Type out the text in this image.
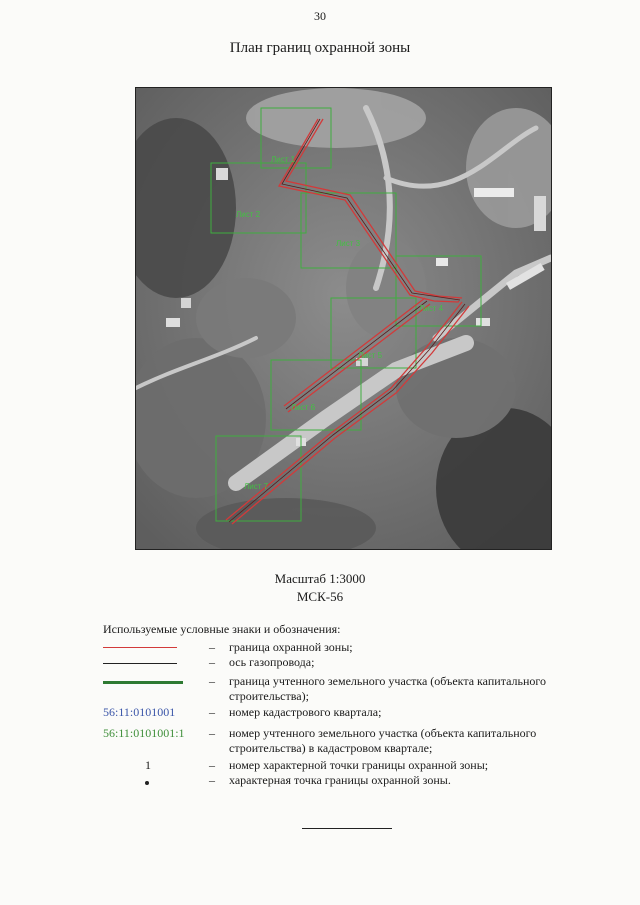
30
План границ охранной зоны
Лист 1
Лист 2
Лист 3
Лист 4
Лист 5
Лист 6
Лист 7
Масштаб 1:3000
МСК-56
Используемые условные знаки и обозначения:
– граница охранной зоны;
– ось газопровода;
– граница учтенного земельного участка (объекта капитального строительства);
56:11:0101001	– номер кадастрового квартала;
56:11:0101001:1 – номер учтенного земельного участка (объекта капитального строительства) в кадастровом квартале;
1	– номер характерной точки границы охранной зоны;
– характерная точка границы охранной зоны.
